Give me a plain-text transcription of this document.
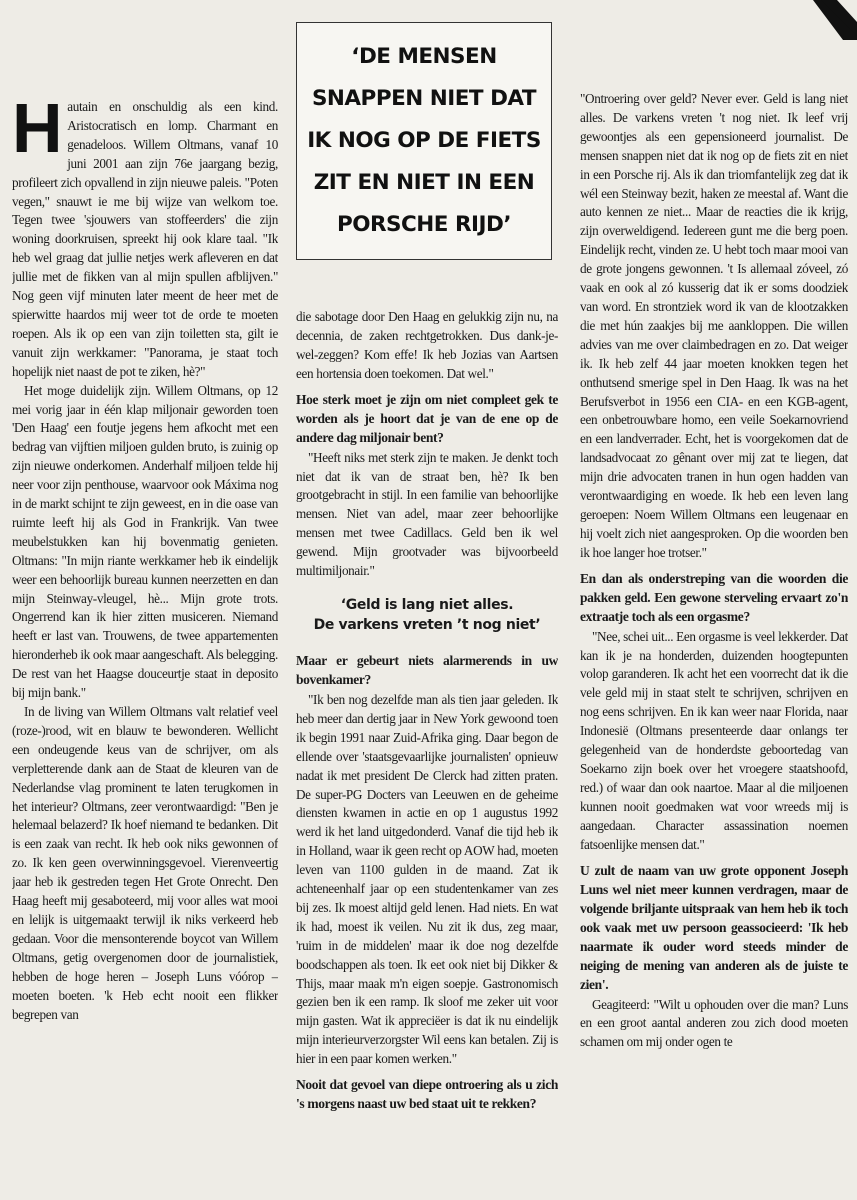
H autain en onschuldig als een kind. Aristocratisch en lomp. Charmant en genadeloos. Willem Oltmans, vanaf 10 juni 2001 aan zijn 76e jaargang bezig, profileert zich opvallend in zijn nieuwe paleis. "Poten vegen," snauwt ie me bij wijze van welkom toe. Tegen twee 'sjouwers van stoffeerders' die zijn woning doorkruisen, spreekt hij ook klare taal. "Ik heb wel graag dat jullie netjes werk afleveren en dat jullie met de fikken van al mijn spullen afblijven." Nog geen vijf minuten later meent de heer met de spierwitte haardos mij weer tot de orde te moeten roepen. Als ik op een van zijn toiletten sta, gilt ie vanuit zijn werkkamer: "Panorama, je staat toch hopelijk niet naast de pot te ziken, hè?"

Het moge duidelijk zijn. Willem Oltmans, op 12 mei vorig jaar in één klap miljonair geworden toen 'Den Haag' een foutje jegens hem afkocht met een bedrag van vijftien miljoen gulden bruto, is zuinig op zijn nieuwe onderkomen. Anderhalf miljoen telde hij neer voor zijn penthouse, waarvoor ook Máxima nog in de markt schijnt te zijn geweest, en in die oase van ruimte leeft hij als God in Frankrijk. Van twee meubelstukken kan hij bovenmatig genieten. Oltmans: "In mijn riante werkkamer heb ik eindelijk weer een behoorlijk bureau kunnen neerzetten en dan mijn Steinway-vleugel, hè... Mijn grote trots. Ongerrend kan ik hier zitten musiceren. Niemand heeft er last van. Trouwens, de twee appartementen hieronderheb ik ook maar aangeschaft. Als belegging. De rest van het Haagse douceurtje staat in deposito bij mijn bank."

In de living van Willem Oltmans valt relatief veel (roze-)rood, wit en blauw te bewonderen. Wellicht een ondeugende keus van de schrijver, om als verpletterende dank aan de Staat de kleuren van de Nederlandse vlag prominent te laten terugkomen in het interieur? Oltmans, zeer verontwaardigd: "Ben je helemaal belazerd? Ik hoef niemand te bedanken. Dit is een zaak van recht. Ik heb ook niks gewonnen of zo. Ik ken geen overwinningsgevoel. Vierenveertig jaar heb ik gestreden tegen Het Grote Onrecht. Den Haag heeft mij gesaboteerd, mij voor alles wat mooi en lelijk is uitgemaakt terwijl ik niks verkeerd heb gedaan. Voor die mensonterende boycot van Willem Oltmans, getig overgenomen door de journalistiek, hebben de hoge heren – Joseph Luns vóórop – moeten boeten. 'k Heb echt nooit een flikker begrepen van

‘DE MENSEN SNAPPEN NIET DAT IK NOG OP DE FIETS ZIT EN NIET IN EEN PORSCHE RIJD’

die sabotage door Den Haag en gelukkig zijn nu, na decennia, de zaken rechtgetrokken. Dus dank-je-wel-zeggen? Kom effe! Ik heb Jozias van Aartsen een hortensia doen toekomen. Dat wel."

Hoe sterk moet je zijn om niet compleet gek te worden als je hoort dat je van de ene op de andere dag miljonair bent?

"Heeft niks met sterk zijn te maken. Je denkt toch niet dat ik van de straat ben, hè? Ik ben grootgebracht in stijl. In een familie van behoorlijke mensen. Niet van adel, maar zeer behoorlijke mensen met twee Cadillacs. Geld ben ik wel gewend. Mijn grootvader was bijvoorbeeld multimiljonair."

‘Geld is lang niet alles.
De varkens vreten ’t nog niet’

Maar er gebeurt niets alarmerends in uw bovenkamer?

"Ik ben nog dezelfde man als tien jaar geleden. Ik heb meer dan dertig jaar in New York gewoond toen ik begin 1991 naar Zuid-Afrika ging. Daar begon de ellende over 'staatsgevaarlijke journalisten' opnieuw nadat ik met president De Clerck had zitten praten. De super-PG Docters van Leeuwen en de geheime diensten kwamen in actie en op 1 augustus 1992 werd ik het land uitgedonderd. Vanaf die tijd heb ik in Holland, waar ik geen recht op AOW had, moeten leven van 1100 gulden in de maand. Zat ik achteneenhalf jaar op een studentenkamer van zes bij zes. Ik moest altijd geld lenen. Had niets. En wat ik had, moest ik veilen. Nu zit ik dus, zeg maar, 'ruim in de middelen' maar ik doe nog dezelfde boodschappen als toen. Ik eet ook niet bij Dikker & Thijs, maar maak m'n eigen soepje. Gastronomisch gezien ben ik een ramp. Ik sloof me zeker uit voor mijn gasten. Wat ik appreciëer is dat ik nu eindelijk mijn interieurverzorgster Wil eens kan betalen. Zij is hier in een paar komen werken."

Nooit dat gevoel van diepe ontroering als u zich 's morgens naast uw bed staat uit te rekken?

"Ontroering over geld? Never ever. Geld is lang niet alles. De varkens vreten 't nog niet. Ik leef vrij gewoontjes als een gepensioneerd journalist. De mensen snappen niet dat ik nog op de fiets zit en niet in een Porsche rij. Als ik dan triomfantelijk zeg dat ik wél een Steinway bezit, haken ze meestal af. Want die auto kennen ze niet... Maar de reacties die ik krijg, zijn overweldigend. Iedereen gunt me die berg poen. Eindelijk recht, vinden ze. U hebt toch maar mooi van de grote jongens gewonnen. 't Is allemaal zóveel, zó vaak en ook al zó kusserig dat ik er soms doodziek van word. En strontziek word ik van de klootzakken die met hún zaakjes bij me aankloppen. Die willen advies van me over claimbedragen en zo. Dat weiger ik. Ik heb zelf 44 jaar moeten knokken tegen het onthutsend smerige spel in Den Haag. Ik was na het Berufsverbot in 1956 een CIA- en een KGB-agent, een onbetrouwbare homo, een veile Soekarnovriend en een landverrader. Echt, het is voorgekomen dat de landsadvocaat zo gênant over mij zat te liegen, dat mijn drie advocaten tranen in hun ogen hadden van verontwaardiging en woede. Ik heb een leven lang geroepen: Noem Willem Oltmans een leugenaar en hij voelt zich niet aangesproken. Op die woorden ben ik hoe langer hoe trotser."

En dan als onderstreping van die woorden die pakken geld. Een gewone sterveling ervaart zo'n extraatje toch als een orgasme?

"Nee, schei uit... Een orgasme is veel lekkerder. Dat kan ik je na honderden, duizenden hoogtepunten volop garanderen. Ik acht het een voorrecht dat ik die vele geld mij in staat stelt te schrijven, schrijven en nog eens schrijven. En ik kan weer naar Florida, naar Indonesië (Oltmans presenteerde daar onlangs ter gelegenheid van de honderdste geboortedag van Soekarno zijn boek over het vroegere staatshoofd, red.) of waar dan ook naartoe. Maar al die miljoenen kunnen nooit goedmaken wat voor wreeds mij is aangedaan. Character assassination noemen fatsoenlijke mensen dat."

U zult de naam van uw grote opponent Joseph Luns wel niet meer kunnen verdragen, maar de volgende briljante uitspraak van hem heb ik toch ook vaak met uw persoon geassocieerd: 'Ik heb naarmate ik ouder word steeds minder de neiging de mening van anderen als de juiste te zien'.

Geagiteerd: "Wilt u ophouden over die man? Luns en een groot aantal anderen zou zich dood moeten schamen om mij onder ogen te
